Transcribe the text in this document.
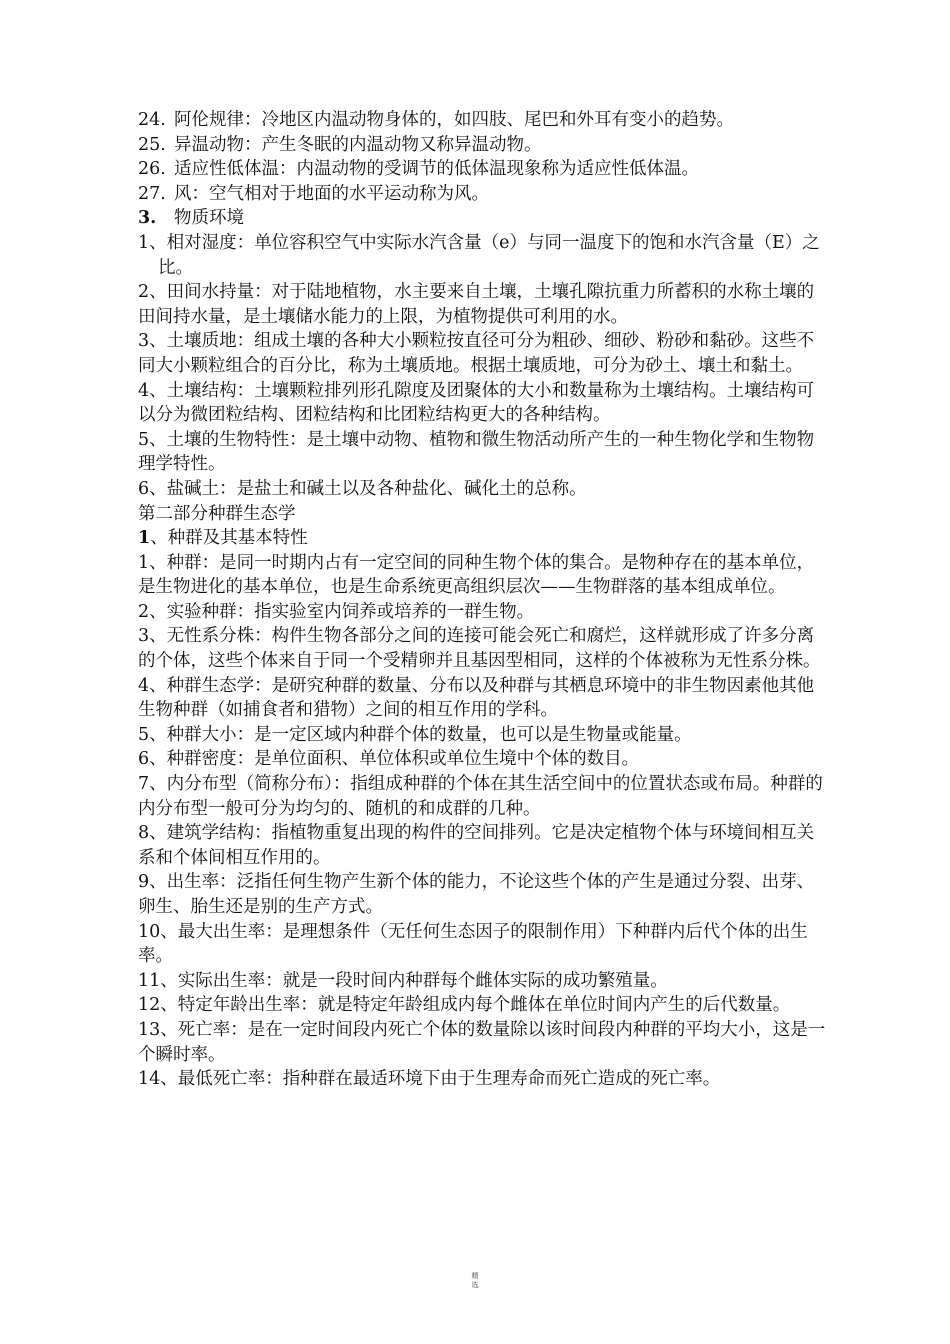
24. 阿伦规律：冷地区内温动物身体的，如四肢、尾巴和外耳有变小的趋势。

25. 异温动物：产生冬眠的内温动物又称异温动物。

26. 适应性低体温：内温动物的受调节的低体温现象称为适应性低体温。

27. 风：空气相对于地面的水平运动称为风。

3. 物质环境

1、相对湿度：单位容积空气中实际水汽含量（e）与同一温度下的饱和水汽含量（E）之比。

2、田间水持量：对于陆地植物，水主要来自土壤，土壤孔隙抗重力所蓄积的水称土壤的田间持水量，是土壤储水能力的上限，为植物提供可利用的水。

3、土壤质地：组成土壤的各种大小颗粒按直径可分为粗砂、细砂、粉砂和黏砂。这些不同大小颗粒组合的百分比，称为土壤质地。根据土壤质地，可分为砂土、壤土和黏土。

4、土壤结构：土壤颗粒排列形孔隙度及团聚体的大小和数量称为土壤结构。土壤结构可以分为微团粒结构、团粒结构和比团粒结构更大的各种结构。

5、土壤的生物特性：是土壤中动物、植物和微生物活动所产生的一种生物化学和生物物理学特性。

6、盐碱土：是盐土和碱土以及各种盐化、碱化土的总称。

第二部分种群生态学

1、种群及其基本特性

1、种群：是同一时期内占有一定空间的同种生物个体的集合。是物种存在的基本单位，是生物进化的基本单位，也是生命系统更高组织层次——生物群落的基本组成单位。

2、实验种群：指实验室内饲养或培养的一群生物。

3、无性系分株：构件生物各部分之间的连接可能会死亡和腐烂，这样就形成了许多分离的个体，这些个体来自于同一个受精卵并且基因型相同，这样的个体被称为无性系分株。

4、种群生态学：是研究种群的数量、分布以及种群与其栖息环境中的非生物因素他其他生物种群（如捕食者和猎物）之间的相互作用的学科。

5、种群大小：是一定区域内种群个体的数量，也可以是生物量或能量。

6、种群密度：是单位面积、单位体积或单位生境中个体的数目。

7、内分布型（简称分布）：指组成种群的个体在其生活空间中的位置状态或布局。种群的内分布型一般可分为均匀的、随机的和成群的几种。

8、建筑学结构：指植物重复出现的构件的空间排列。它是决定植物个体与环境间相互关系和个体间相互作用的。

9、出生率：泛指任何生物产生新个体的能力，不论这些个体的产生是通过分裂、出芽、卵生、胎生还是别的生产方式。

10、最大出生率：是理想条件（无任何生态因子的限制作用）下种群内后代个体的出生率。

11、实际出生率：就是一段时间内种群每个雌体实际的成功繁殖量。

12、特定年龄出生率：就是特定年龄组成内每个雌体在单位时间内产生的后代数量。

13、死亡率：是在一定时间段内死亡个体的数量除以该时间段内种群的平均大小，这是一个瞬时率。

14、最低死亡率：指种群在最适环境下由于生理寿命而死亡造成的死亡率。

精
选
